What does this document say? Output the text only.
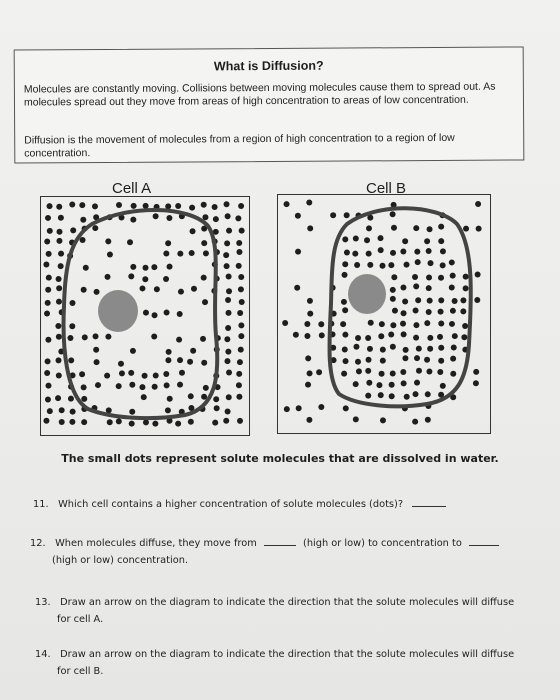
What is Diffusion?
Molecules are constantly moving. Collisions between moving molecules cause them to spread out. As molecules spread out they move from areas of high concentration to areas of low concentration.
Diffusion is the movement of molecules from a region of high concentration to a region of low concentration.
Cell A	Cell B
The small dots represent solute molecules that are dissolved in water.
11. Which cell contains a higher concentration of solute molecules (dots)?
12. When molecules diffuse, they move from	(high or low) to concentration to
(high or low) concentration.
13. Draw an arrow on the diagram to indicate the direction that the solute molecules will diffuse
for cell A.
14. Draw an arrow on the diagram to indicate the direction that the solute molecules will diffuse
for cell B.
